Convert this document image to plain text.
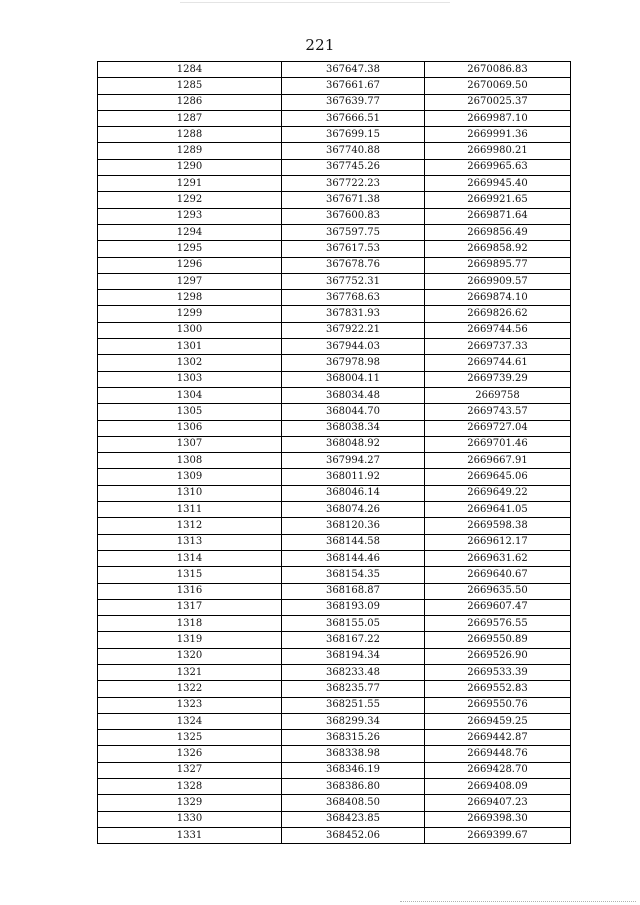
221
1284	367647.38	2670086.83
1285	367661.67	2670069.50
1286	367639.77	2670025.37
1287	367666.51	2669987.10
1288	367699.15	2669991.36
1289	367740.88	2669980.21
1290	367745.26	2669965.63
1291	367722.23	2669945.40
1292	367671.38	2669921.65
1293	367600.83	2669871.64
1294	367597.75	2669856.49
1295	367617.53	2669858.92
1296	367678.76	2669895.77
1297	367752.31	2669909.57
1298	367768.63	2669874.10
1299	367831.93	2669826.62
1300	367922.21	2669744.56
1301	367944.03	2669737.33
1302	367978.98	2669744.61
1303	368004.11	2669739.29
1304	368034.48	2669758
1305	368044.70	2669743.57
1306	368038.34	2669727.04
1307	368048.92	2669701.46
1308	367994.27	2669667.91
1309	368011.92	2669645.06
1310	368046.14	2669649.22
1311	368074.26	2669641.05
1312	368120.36	2669598.38
1313	368144.58	2669612.17
1314	368144.46	2669631.62
1315	368154.35	2669640.67
1316	368168.87	2669635.50
1317	368193.09	2669607.47
1318	368155.05	2669576.55
1319	368167.22	2669550.89
1320	368194.34	2669526.90
1321	368233.48	2669533.39
1322	368235.77	2669552.83
1323	368251.55	2669550.76
1324	368299.34	2669459.25
1325	368315.26	2669442.87
1326	368338.98	2669448.76
1327	368346.19	2669428.70
1328	368386.80	2669408.09
1329	368408.50	2669407.23
1330	368423.85	2669398.30
1331	368452.06	2669399.67
